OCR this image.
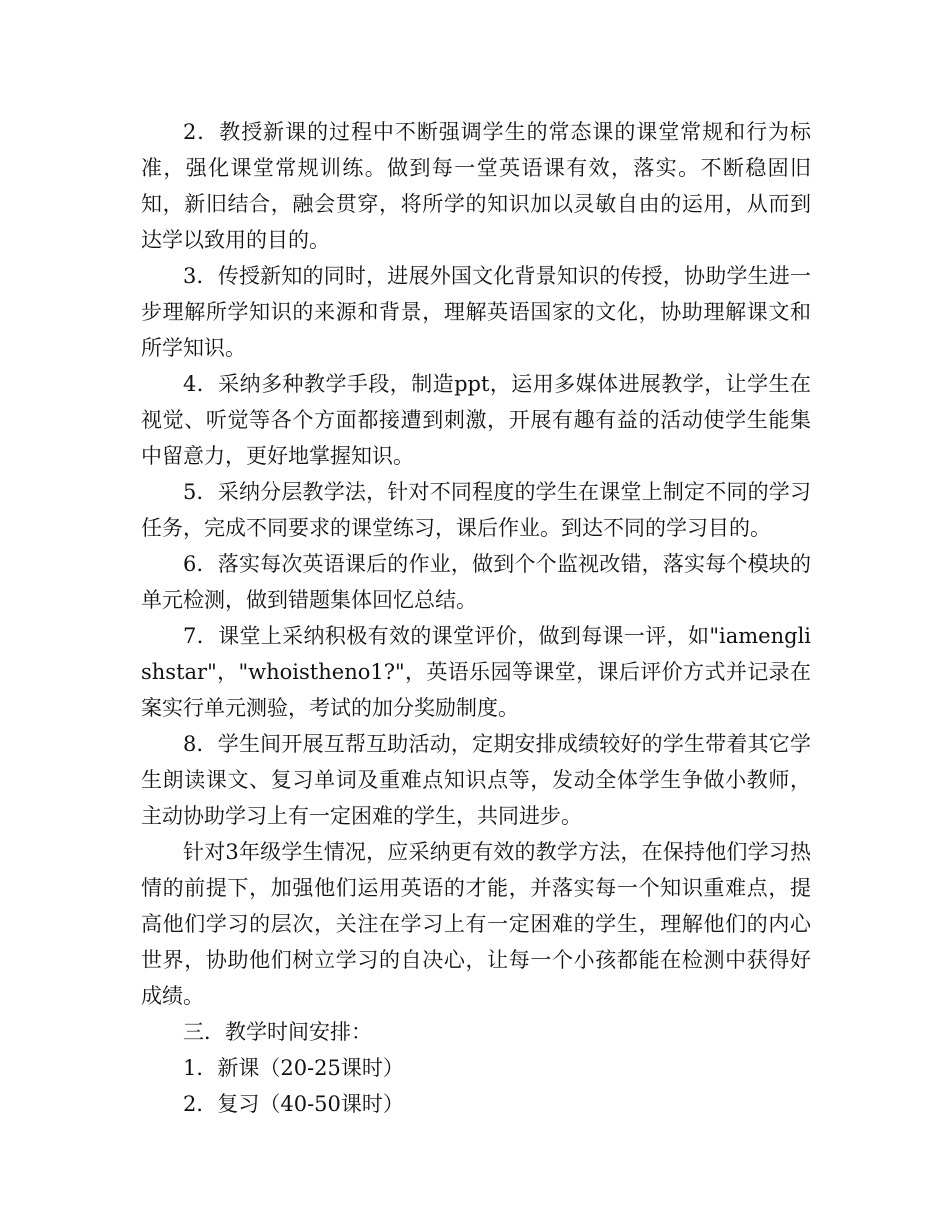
2．教授新课的过程中不断强调学生的常态课的课堂常规和行为标准，强化课堂常规训练。做到每一堂英语课有效，落实。不断稳固旧知，新旧结合，融会贯穿，将所学的知识加以灵敏自由的运用，从而到达学以致用的目的。

3．传授新知的同时，进展外国文化背景知识的传授，协助学生进一步理解所学知识的来源和背景，理解英语国家的文化，协助理解课文和所学知识。

4．采纳多种教学手段，制造ppt，运用多媒体进展教学，让学生在视觉、听觉等各个方面都接遭到刺激，开展有趣有益的活动使学生能集中留意力，更好地掌握知识。

5．采纳分层教学法，针对不同程度的学生在课堂上制定不同的学习任务，完成不同要求的课堂练习，课后作业。到达不同的学习目的。

6．落实每次英语课后的作业，做到个个监视改错，落实每个模块的单元检测，做到错题集体回忆总结。

7．课堂上采纳积极有效的课堂评价，做到每课一评，如"iamenglishstar"，"whoistheno1?"，英语乐园等课堂，课后评价方式并记录在案实行单元测验，考试的加分奖励制度。

8．学生间开展互帮互助活动，定期安排成绩较好的学生带着其它学生朗读课文、复习单词及重难点知识点等，发动全体学生争做小教师，主动协助学习上有一定困难的学生，共同进步。

针对3年级学生情况，应采纳更有效的教学方法，在保持他们学习热情的前提下，加强他们运用英语的才能，并落实每一个知识重难点，提高他们学习的层次，关注在学习上有一定困难的学生，理解他们的内心世界，协助他们树立学习的自决心，让每一个小孩都能在检测中获得好成绩。

三．教学时间安排：

1．新课（20-25课时）

2．复习（40-50课时）
